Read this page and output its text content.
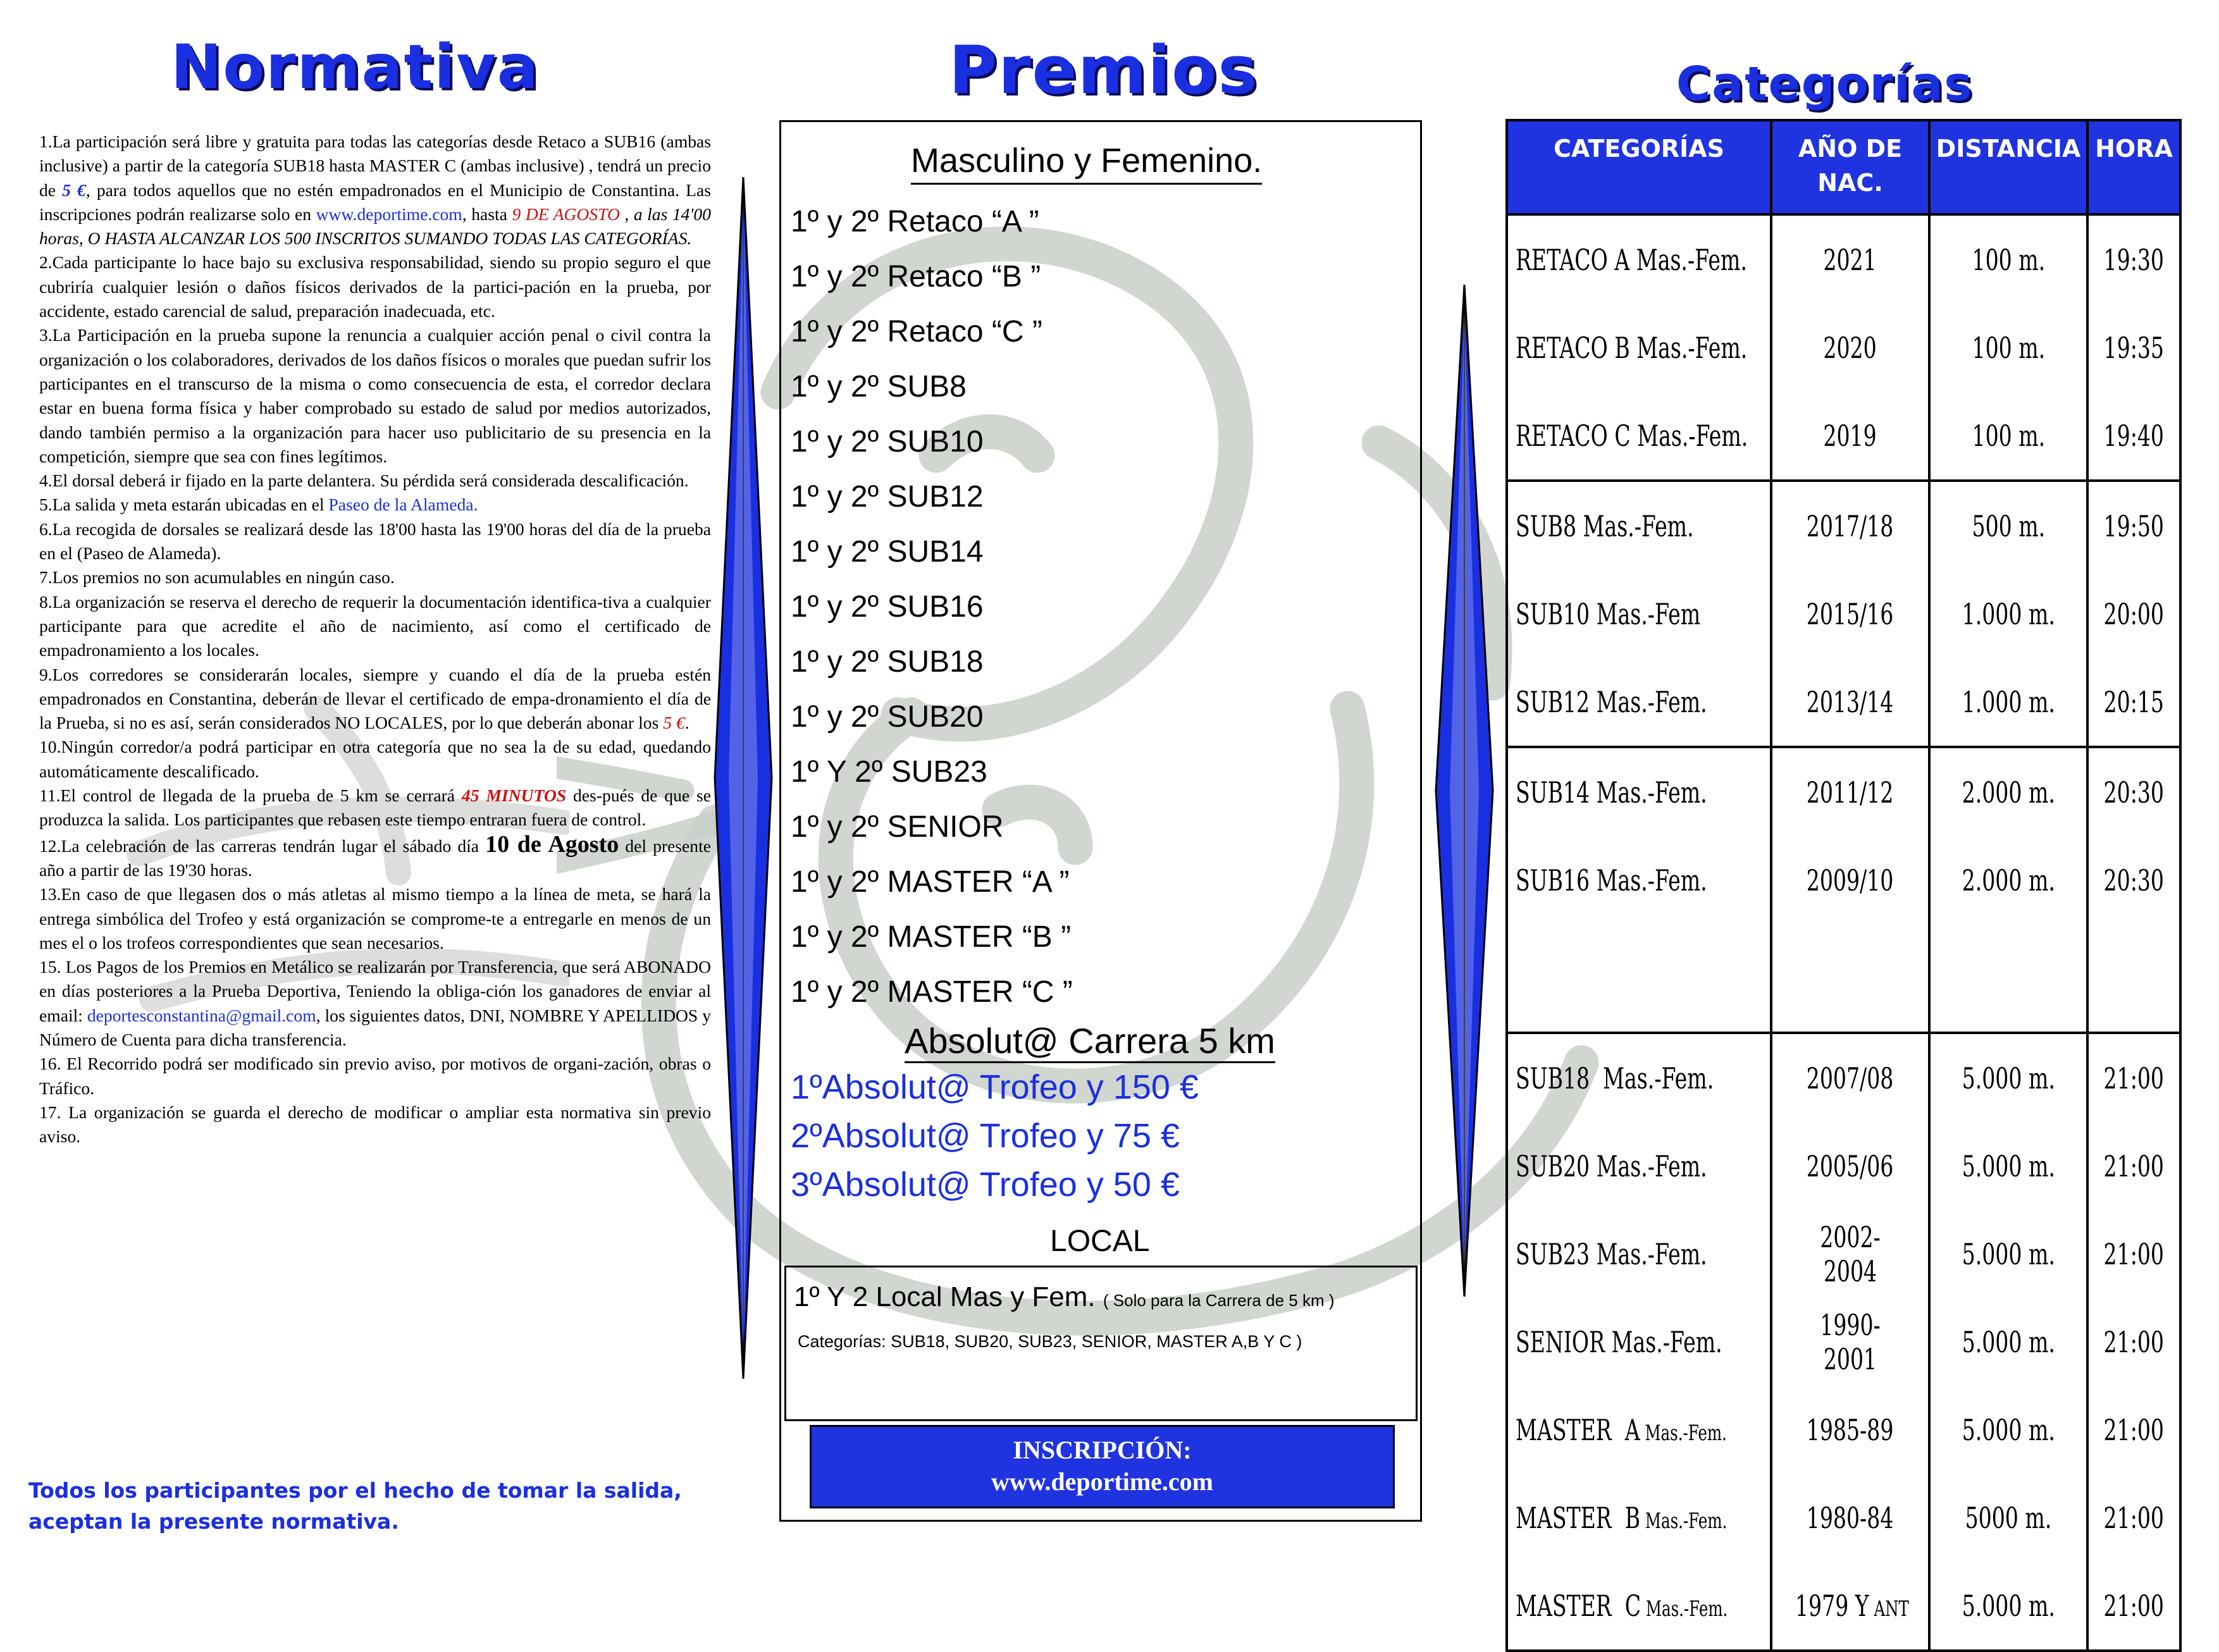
Normativa	Premios	Categorías

1.La participación será libre y gratuita para todas las categorías desde Retaco a SUB16 (ambas inclusive) a partir de la categoría SUB18 hasta MASTER C (ambas inclusive) , tendrá un precio de 5 €, para todos aquellos que no estén empadronados en el Municipio de Constantina. Las inscripciones podrán realizarse solo en www.deportime.com, hasta 9 DE AGOSTO , a las 14'00 horas, O HASTA ALCANZAR LOS 500 INSCRITOS SUMANDO TODAS LAS CATEGORÍAS.

2.Cada participante lo hace bajo su exclusiva responsabilidad, siendo su propio seguro el que cubriría cualquier lesión o daños físicos derivados de la partici-pación en la prueba, por accidente, estado carencial de salud, preparación inadecuada, etc.

3.La Participación en la prueba supone la renuncia a cualquier acción penal o civil contra la organización o los colaboradores, derivados de los daños físicos o morales que puedan sufrir los participantes en el transcurso de la misma o como consecuencia de esta, el corredor declara estar en buena forma física y haber comprobado su estado de salud por medios autorizados, dando también permiso a la organización para hacer uso publicitario de su presencia en la competición, siempre que sea con fines legítimos.

4.El dorsal deberá ir fijado en la parte delantera. Su pérdida será considerada descalificación.

5.La salida y meta estarán ubicadas en el Paseo de la Alameda.

6.La recogida de dorsales se realizará desde las 18'00 hasta las 19'00 horas del día de la prueba en el (Paseo de Alameda).

7.Los premios no son acumulables en ningún caso.

8.La organización se reserva el derecho de requerir la documentación identifica-tiva a cualquier participante para que acredite el año de nacimiento, así como el certificado de empadronamiento a los locales.

9.Los corredores se considerarán locales, siempre y cuando el día de la prueba estén empadronados en Constantina, deberán de llevar el certificado de empa-dronamiento el día de la Prueba, si no es así, serán considerados NO LOCALES, por lo que deberán abonar los 5 €.

10.Ningún corredor/a podrá participar en otra categoría que no sea la de su edad, quedando automáticamente descalificado.

11.El control de llegada de la prueba de 5 km se cerrará 45 MINUTOS des-pués de que se produzca la salida. Los participantes que rebasen este tiempo entraran fuera de control.

12.La celebración de las carreras tendrán lugar el sábado día 10 de Agosto del presente año a partir de las 19'30 horas.

13.En caso de que llegasen dos o más atletas al mismo tiempo a la línea de meta, se hará la entrega simbólica del Trofeo y está organización se comprome-te a entregarle en menos de un mes el o los trofeos correspondientes que sean necesarios.

15. Los Pagos de los Premios en Metálico se realizarán por Transferencia, que será ABONADO en días posteriores a la Prueba Deportiva, Teniendo la obliga-ción los ganadores de enviar al email: deportesconstantina@gmail.com, los siguientes datos, DNI, NOMBRE Y APELLIDOS y Número de Cuenta para dicha transferencia.

16. El Recorrido podrá ser modificado sin previo aviso, por motivos de organi-zación, obras o Tráfico.

17. La organización se guarda el derecho de modificar o ampliar esta normativa sin previo aviso.

Todos los participantes por el hecho de tomar la salida, aceptan la presente normativa.

Masculino y Femenino.
1º y 2º Retaco “A ”
1º y 2º Retaco “B ”
1º y 2º Retaco “C ”
1º y 2º SUB8
1º y 2º SUB10
1º y 2º SUB12
1º y 2º SUB14
1º y 2º SUB16
1º y 2º SUB18
1º y 2º SUB20
1º Y 2º SUB23
1º y 2º SENIOR
1º y 2º MASTER “A ”
1º y 2º MASTER “B ”
1º y 2º MASTER “C ”
Absolut@ Carrera 5 km
1ºAbsolut@ Trofeo y 150 €
2ºAbsolut@ Trofeo y 75 €
3ºAbsolut@ Trofeo y 50 €
LOCAL
1º Y 2 Local Mas y Fem. ( Solo para la Carrera de 5 km )
Categorías: SUB18, SUB20, SUB23, SENIOR, MASTER A,B Y C )
INSCRIPCIÓN:
www.deportime.com
CATEGORÍAS	AÑO DE NAC.	DISTANCIA	HORA
RETACO A Mas.-Fem.	2021	100 m.	19:30
RETACO B Mas.-Fem.	2020	100 m.	19:35
RETACO C Mas.-Fem.	2019	100 m.	19:40
SUB8 Mas.-Fem.	2017/18	500 m.	19:50
SUB10 Mas.-Fem	2015/16	1.000 m.	20:00
SUB12 Mas.-Fem.	2013/14	1.000 m.	20:15
SUB14 Mas.-Fem.	2011/12	2.000 m.	20:30
SUB16 Mas.-Fem.	2009/10	2.000 m.	20:30

SUB18  Mas.-Fem.	2007/08	5.000 m.	21:00
SUB20 Mas.-Fem.	2005/06	5.000 m.	21:00
SUB23 Mas.-Fem.	2002-2004	5.000 m.	21:00
SENIOR Mas.-Fem.	1990-2001	5.000 m.	21:00
MASTER  A Mas.-Fem.	1985-89	5.000 m.	21:00
MASTER  B Mas.-Fem.	1980-84	5000 m.	21:00
MASTER  C Mas.-Fem.	1979 Y ANT	5.000 m.	21:00
